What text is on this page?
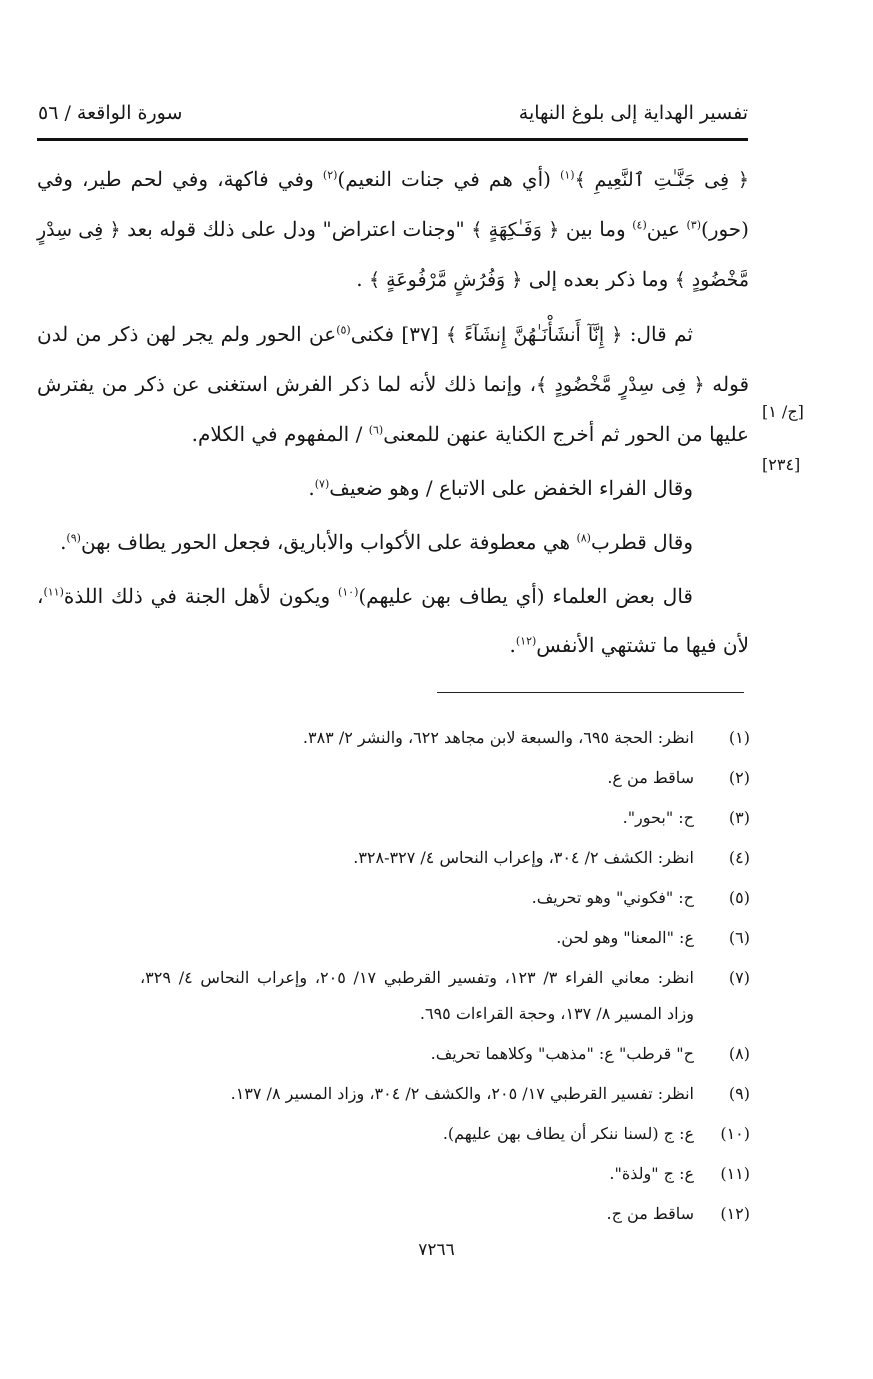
تفسير الهداية إلى بلوغ النهاية
سورة الواقعة / ٥٦
[ج/ ١]
[٢٣٤]

﴿ فِى جَنَّـٰتِ ٱلنَّعِيمِ ﴾$^{(١)}$ (أي هم في جنات النعيم)$^{(٢)}$ وفي فاكهة، وفي لحم طير، وفي (حور)$^{(٣)}$ عين$^{(٤)}$ وما بين ﴿ وَفَـٰكِهَةٍ ﴾ "وجنات اعتراض" ودل على ذلك قوله بعد ﴿ فِى سِدْرٍ مَّخْضُودٍ ﴾ وما ذكر بعده إلى ﴿ وَفُرُشٍ مَّرْفُوعَةٍ ﴾ .

ثم قال: ﴿ إِنَّآ أَنشَأْنَـٰهُنَّ إِنشَآءً ﴾ [٣٧] فكنى$^{(٥)}$عن الحور ولم يجر لهن ذكر من لدن قوله ﴿ فِى سِدْرٍ مَّخْضُودٍ ﴾، وإنما ذلك لأنه لما ذكر الفرش استغنى عن ذكر من يفترش عليها من الحور ثم أخرج الكناية عنهن للمعنى$^{(٦)}$ / المفهوم في الكلام.

وقال الفراء الخفض على الاتباع / وهو ضعيف$^{(٧)}$.

وقال قطرب$^{(٨)}$ هي معطوفة على الأكواب والأباريق، فجعل الحور يطاف بهن$^{(٩)}$.

قال بعض العلماء (أي يطاف بهن عليهم)$^{(١٠)}$ ويكون لأهل الجنة في ذلك اللذة$^{(١١)}$، لأن فيها ما تشتهي الأنفس$^{(١٢)}$.

(١)
انظر: الحجة ٦٩٥، والسبعة لابن مجاهد ٦٢٢، والنشر ٢/ ٣٨٣.
(٢)
ساقط من ع.
(٣)
ح: "بحور".
(٤)
انظر: الكشف ٢/ ٣٠٤، وإعراب النحاس ٤/ ٣٢٧-٣٢٨.
(٥)
ح: "فكوني" وهو تحريف.
(٦)
ع: "المعنا" وهو لحن.
(٧)
انظر: معاني الفراء ٣/ ١٢٣، وتفسير القرطبي ١٧/ ٢٠٥، وإعراب النحاس ٤/ ٣٢٩، وزاد المسير ٨/ ١٣٧، وحجة القراءات ٦٩٥.
(٨)
ح" قرطب" ع: "مذهب" وكلاهما تحريف.
(٩)
انظر: تفسير القرطبي ١٧/ ٢٠٥، والكشف ٢/ ٣٠٤، وزاد المسير ٨/ ١٣٧.
(١٠)
ع: ج (لسنا ننكر أن يطاف بهن عليهم).
(١١)
ع: ج "ولذة".
(١٢)
ساقط من ج.
٧٢٦٦
